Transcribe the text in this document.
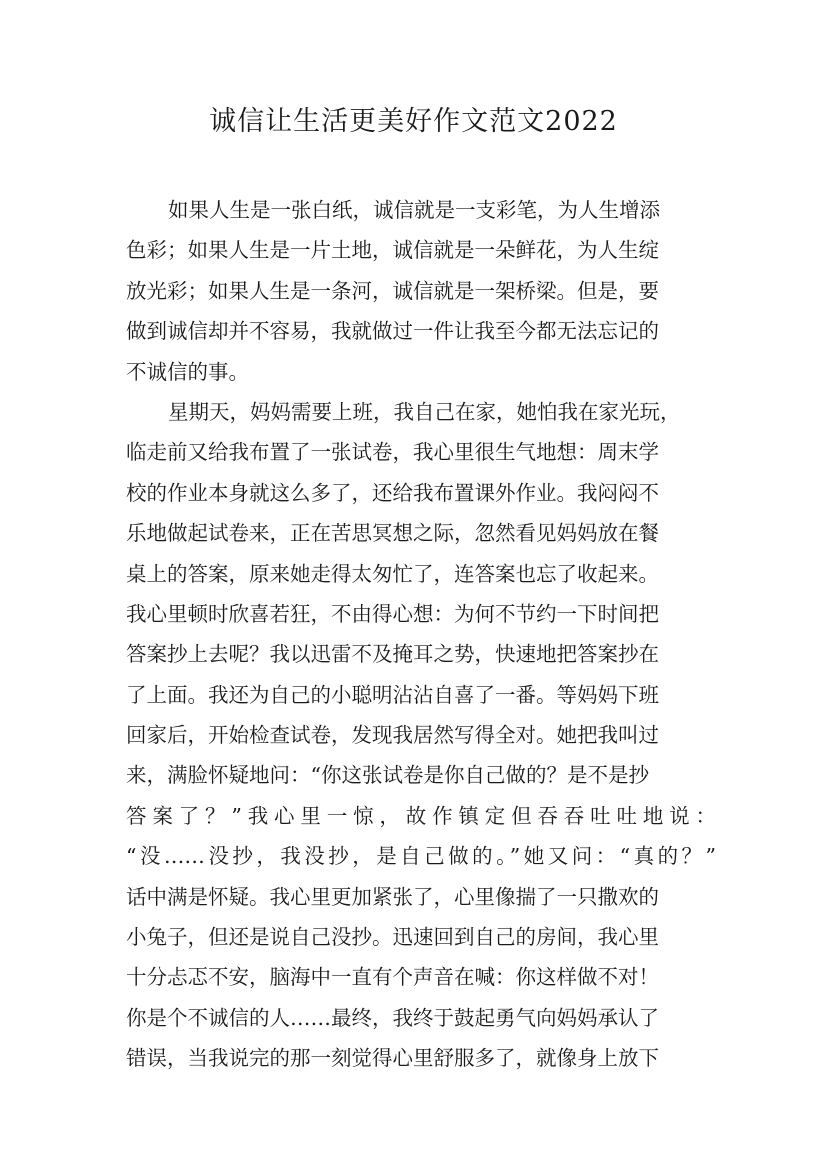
诚信让生活更美好作文范文2022
如果人生是一张白纸，诚信就是一支彩笔，为人生增添
色彩；如果人生是一片土地，诚信就是一朵鲜花，为人生绽
放光彩；如果人生是一条河，诚信就是一架桥梁。但是，要
做到诚信却并不容易，我就做过一件让我至今都无法忘记的
不诚信的事。
星期天，妈妈需要上班，我自己在家，她怕我在家光玩，
临走前又给我布置了一张试卷，我心里很生气地想：周末学
校的作业本身就这么多了，还给我布置课外作业。我闷闷不
乐地做起试卷来，正在苦思冥想之际，忽然看见妈妈放在餐
桌上的答案，原来她走得太匆忙了，连答案也忘了收起来。
我心里顿时欣喜若狂，不由得心想：为何不节约一下时间把
答案抄上去呢？我以迅雷不及掩耳之势，快速地把答案抄在
了上面。我还为自己的小聪明沾沾自喜了一番。等妈妈下班
回家后，开始检查试卷，发现我居然写得全对。她把我叫过
来，满脸怀疑地问：“你这张试卷是你自己做的？是不是抄
答案了？”我心里一惊，故作镇定但吞吞吐吐地说：
“没……没抄，我没抄，是自己做的。”她又问：“真的？”
话中满是怀疑。我心里更加紧张了，心里像揣了一只撒欢的
小兔子，但还是说自己没抄。迅速回到自己的房间，我心里
十分忐忑不安，脑海中一直有个声音在喊：你这样做不对！
你是个不诚信的人……最终，我终于鼓起勇气向妈妈承认了
错误，当我说完的那一刻觉得心里舒服多了，就像身上放下
